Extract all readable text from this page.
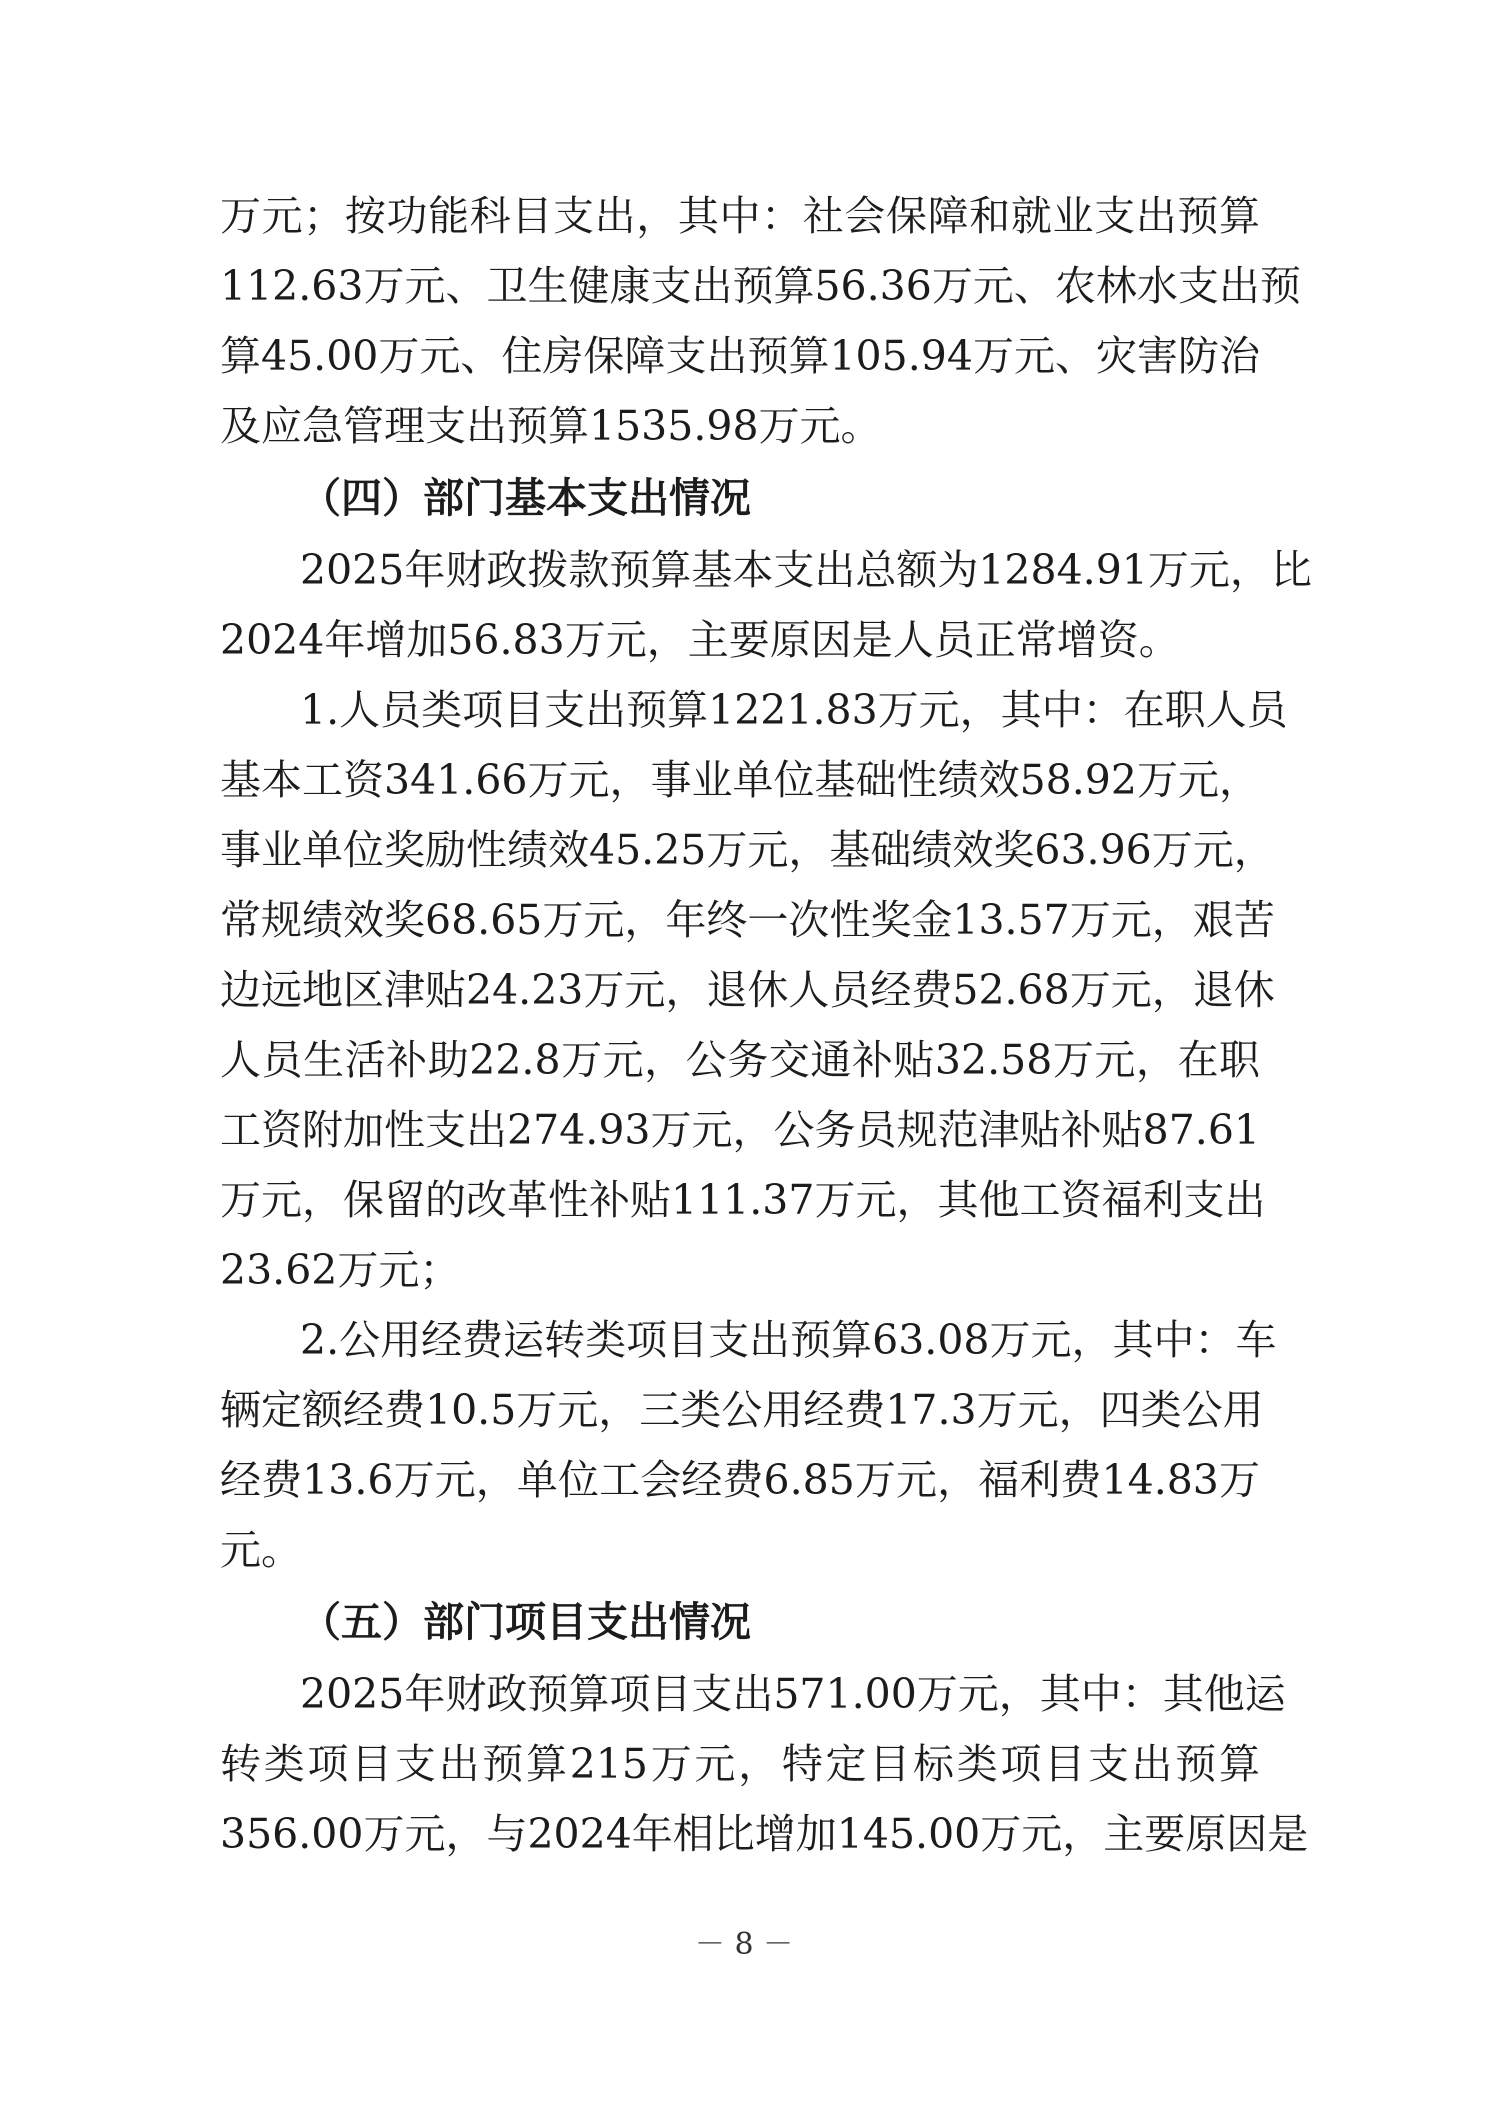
万元；按功能科目支出，其中：社会保障和就业支出预算
112.63万元、卫生健康支出预算56.36万元、农林水支出预
算45.00万元、住房保障支出预算105.94万元、灾害防治
及应急管理支出预算1535.98万元。
（四）部门基本支出情况
2025年财政拨款预算基本支出总额为1284.91万元，比
2024年增加56.83万元，主要原因是人员正常增资。
1.人员类项目支出预算1221.83万元，其中：在职人员
基本工资341.66万元，事业单位基础性绩效58.92万元，
事业单位奖励性绩效45.25万元，基础绩效奖63.96万元，
常规绩效奖68.65万元，年终一次性奖金13.57万元，艰苦
边远地区津贴24.23万元，退休人员经费52.68万元，退休
人员生活补助22.8万元，公务交通补贴32.58万元，在职
工资附加性支出274.93万元，公务员规范津贴补贴87.61
万元，保留的改革性补贴111.37万元，其他工资福利支出
23.62万元；
2.公用经费运转类项目支出预算63.08万元，其中：车
辆定额经费10.5万元，三类公用经费17.3万元，四类公用
经费13.6万元，单位工会经费6.85万元，福利费14.83万
元。
（五）部门项目支出情况
2025年财政预算项目支出571.00万元，其中：其他运
转类项目支出预算215万元，特定目标类项目支出预算
356.00万元，与2024年相比增加145.00万元，主要原因是
－ 8 －
